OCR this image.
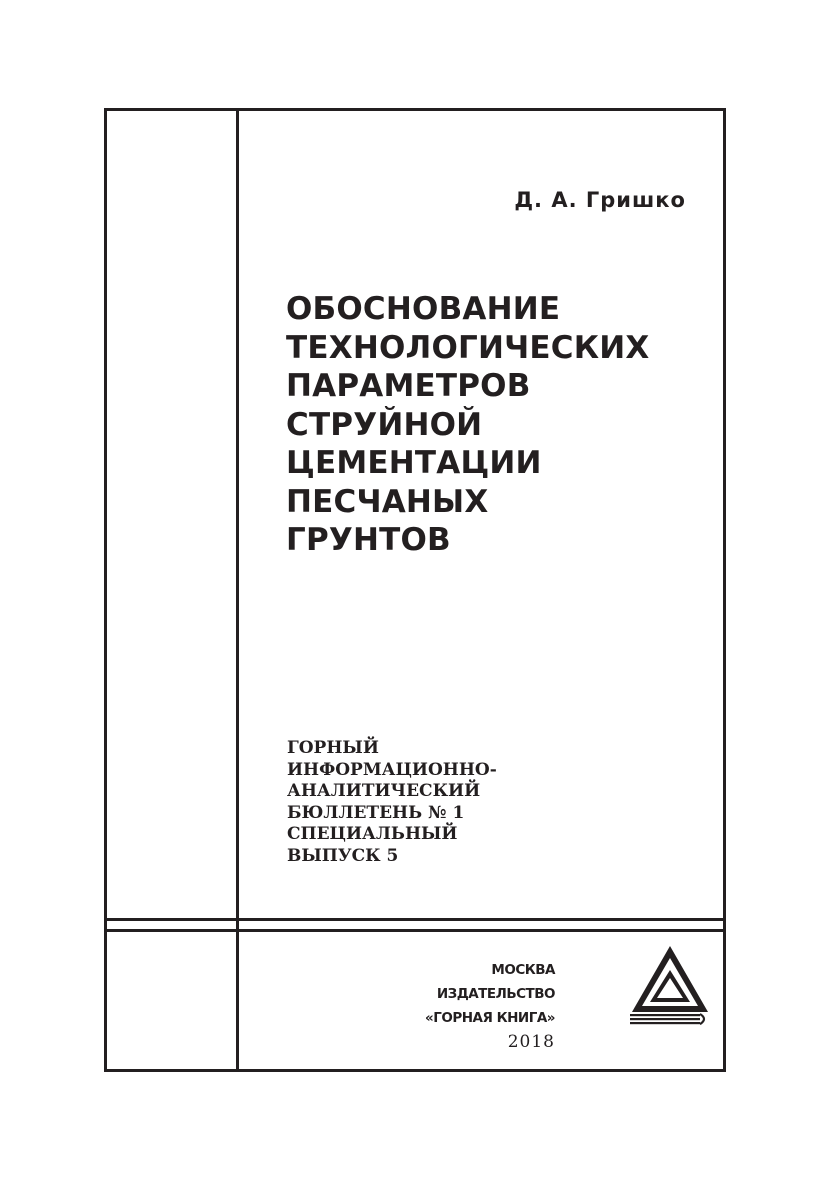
Д. А. Гришко
ОБОСНОВАНИЕ
ТЕХНОЛОГИЧЕСКИХ
ПАРАМЕТРОВ
СТРУЙНОЙ
ЦЕМЕНТАЦИИ
ПЕСЧАНЫХ
ГРУНТОВ
ГОРНЫЙ
ИНФОРМАЦИОННО-
АНАЛИТИЧЕСКИЙ
БЮЛЛЕТЕНЬ № 1
СПЕЦИАЛЬНЫЙ
ВЫПУСК 5
МОСКВА
ИЗДАТЕЛЬСТВО
«ГОРНАЯ КНИГА»
2018
